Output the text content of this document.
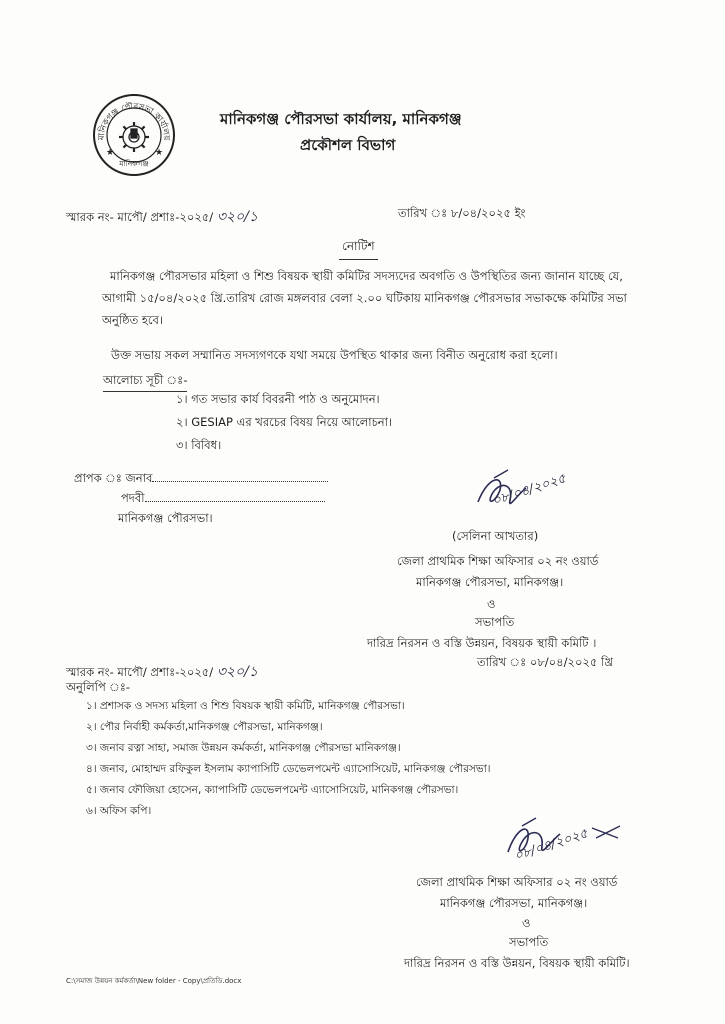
মানিকগঞ্জ পৌরসভা কার্যালয়
মানিকগঞ্জ
★	★
মানিকগঞ্জ পৌরসভা কার্যালয়, মানিকগঞ্জ
প্রকৌশল বিভাগ
স্মারক নং- মাপৌ/ প্রশাঃ-২০২৫/ ৩২০/১	তারিখ ঃ ৮/০৪/২০২৫ ইং
নোটিশ

মানিকগঞ্জ পৌরসভার মহিলা ও শিশু বিষয়ক স্থায়ী কমিটির সদস্যদের অবগতি ও উপস্থিতির জন্য জানান যাচ্ছে যে, আগামী ১৫/০৪/২০২৫ খ্রি.তারিখ রোজ মঙ্গলবার বেলা ২.০০ ঘটিকায় মানিকগঞ্জ পৌরসভার সভাকক্ষে কমিটির সভা অনুষ্ঠিত হবে।

উক্ত সভায় সকল সম্মানিত সদস্যগণকে যথা সময়ে উপস্থিত থাকার জন্য বিনীত অনুরোধ করা হলো।
আলোচ্য সূচী ঃ-
১। গত সভার কার্য বিবরনী পাঠ ও অনুমোদন।
২। GESIAP এর খরচের বিষয় নিয়ে আলোচনা।
৩। বিবিধ।
প্রাপক ঃ জনাব
পদবী
মানিকগঞ্জ পৌরসভা।
০৮/০৪/২০২৫
(সেলিনা আখতার)
জেলা প্রাথমিক শিক্ষা অফিসার ০২ নং ওয়ার্ড
মানিকগঞ্জ পৌরসভা, মানিকগঞ্জ।
ও
সভাপতি
দারিদ্র নিরসন ও বস্তি উন্নয়ন, বিষয়ক স্থায়ী কমিটি ।
তারিখ ঃ ০৮/০৪/২০২৫ খ্রি
স্মারক নং- মাপৌ/ প্রশাঃ-২০২৫/ ৩২০/১
অনুলিপি ঃ-
১। প্রশাসক ও সদস্য মহিলা ও শিশু বিষয়ক স্থায়ী কমিটি, মানিকগঞ্জ পৌরসভা।
২। পৌর নির্বাহী কর্মকর্তা,মানিকগঞ্জ পৌরসভা, মানিকগঞ্জ।
৩। জনাব রত্না সাহা, সমাজ উন্নয়ন কর্মকর্তা, মানিকগঞ্জ পৌরসভা মানিকগঞ্জ।
৪। জনাব, মোহাম্মদ রফিকুল ইসলাম ক্যাপাসিটি ডেভেলপমেন্ট এ্যাসোসিয়েট, মানিকগঞ্জ পৌরসভা।
৫। জনাব ফৌজিয়া হোসেন, ক্যাপাসিটি ডেভেলপমেন্ট এ্যাসোসিয়েট, মানিকগঞ্জ পৌরসভা।
৬। অফিস কপি।
০৮/০৪/২০২৫
জেলা প্রাথমিক শিক্ষা অফিসার ০২ নং ওয়ার্ড
মানিকগঞ্জ পৌরসভা, মানিকগঞ্জ।
ও
সভাপতি
দারিদ্র নিরসন ও বস্তি উন্নয়ন, বিষয়ক স্থায়ী কমিটি।
C:\সমাজ উন্নয়ন কর্মকর্তা\New folder - Copy\প্রতিডি.docx
